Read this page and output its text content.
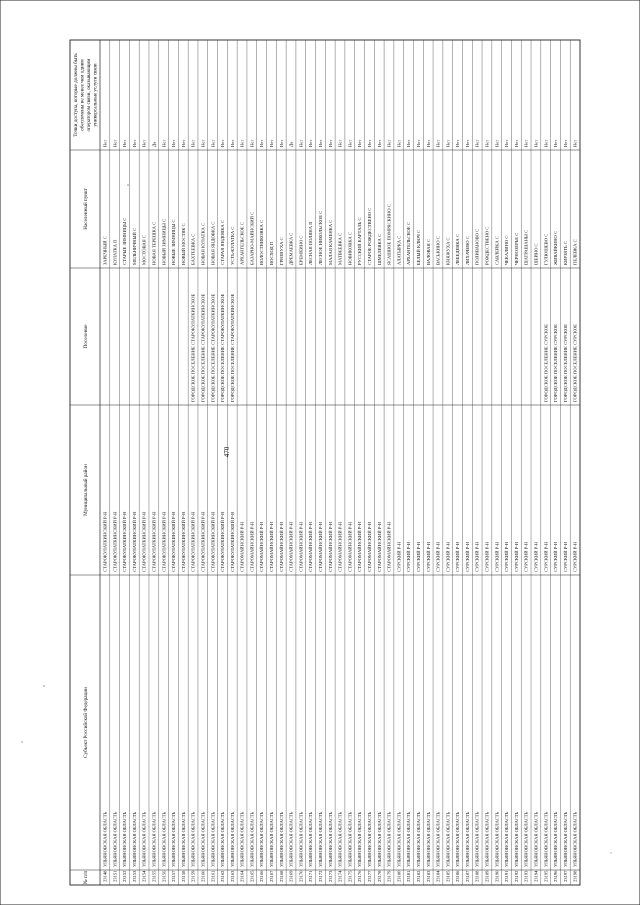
470
№ п/п
Субъект Российской Федерации
Муниципальный район
Поселение
Населенный пункт
Точки доступа, которые должны быть обеспечены не менее чем одним оператором связи, оказывающим универсальные услуги связи
23148
УЛЬЯНОВСКАЯ ОБЛАСТЬ
СТАРОКУЛАТКИНСКИЙ Р-Н
ЗАРЕЧНЫЙ С
Нет
23151
УЛЬЯНОВСКАЯ ОБЛАСТЬ
СТАРОКУЛАТКИНСКИЙ Р-Н
КУЛАТКА П
Нет
23152
УЛЬЯНОВСКАЯ ОБЛАСТЬ
СТАРОКУЛАТКИНСКИЙ Р-Н
СТАРЫЕ ЗИМНИЦЫ С
Нет
23153
УЛЬЯНОВСКАЯ ОБЛАСТЬ
СТАРОКУЛАТКИНСКИЙ Р-Н
МЕЛЬНИЧНЫЙ С
Нет
23154
УЛЬЯНОВСКАЯ ОБЛАСТЬ
СТАРОКУЛАТКИНСКИЙ Р-Н
МОСТОВАЯ С
Нет
23155
УЛЬЯНОВСКАЯ ОБЛАСТЬ
СТАРОКУЛАТКИНСКИЙ Р-Н
НОВАЯ ТЕРЕШКА С
Да
23156
УЛЬЯНОВСКАЯ ОБЛАСТЬ
СТАРОКУЛАТКИНСКИЙ Р-Н
НОВЫЙ ЗИМНИЦЫ С
Нет
23157
УЛЬЯНОВСКАЯ ОБЛАСТЬ
СТАРОКУЛАТКИНСКИЙ Р-Н
НОВЫЕ ЗИМНИЦЫ С
Нет
23158
УЛЬЯНОВСКАЯ ОБЛАСТЬ
СТАРОКУЛАТКИНСКИЙ Р-Н
НОВЫЙ МОСТЯК С
Нет
23159
УЛЬЯНОВСКАЯ ОБЛАСТЬ
СТАРОКУЛАТКИНСКИЙ Р-Н
ГОРОДСКОЕ ПОСЕЛЕНИЕ СТАРОКУЛАТКИНСКОЕ
БАХТЕЕВКА С
Нет
23160
УЛЬЯНОВСКАЯ ОБЛАСТЬ
СТАРОКУЛАТКИНСКИЙ Р-Н
ГОРОДСКОЕ ПОСЕЛЕНИЕ СТАРОКУЛАТКИНСКОЕ
НОВАЯ КУЛАТКА С
Нет
23161
УЛЬЯНОВСКАЯ ОБЛАСТЬ
СТАРОКУЛАТКИНСКИЙ Р-Н
ГОРОДСКОЕ ПОСЕЛЕНИЕ СТАРОКУЛАТКИНСКОЕ
НОВАЯ ЯНДОВКА С
Нет
23162
УЛЬЯНОВСКАЯ ОБЛАСТЬ
СТАРОКУЛАТКИНСКИЙ Р-Н
ГОРОДСКОЕ ПОСЕЛЕНИЕ СТАРОКУЛАТКИНСКОЕ
СТАРАЯ ЯНДОВКА С
Нет
23163
УЛЬЯНОВСКАЯ ОБЛАСТЬ
СТАРОКУЛАТКИНСКИЙ Р-Н
ГОРОДСКОЕ ПОСЕЛЕНИЕ СТАРОКУЛАТКИНСКОЕ
УСТЬ-КУЛАТКА С
Нет
23164
УЛЬЯНОВСКАЯ ОБЛАСТЬ
СТАРОМАЙНСКИЙ Р-Н
АРХАНГЕЛЬСКОЕ С
Нет
23165
УЛЬЯНОВСКАЯ ОБЛАСТЬ
СТАРОМАЙНСКИЙ Р-Н
БАЗАРНО-МАЙНСКИЙ С
Нет
23166
УЛЬЯНОВСКАЯ ОБЛАСТЬ
СТАРОМАЙНСКИЙ Р-Н
ВОЛОСТНИКОВКА С
Нет
23167
УЛЬЯНОВСКАЯ ОБЛАСТЬ
СТАРОМАЙНСКИЙ Р-Н
ВОСХОД П
Нет
23168
УЛЬЯНОВСКАЯ ОБЛАСТЬ
СТАРОМАЙНСКИЙ Р-Н
ГРЯЗНУХА С
Нет
23169
УЛЬЯНОВСКАЯ ОБЛАСТЬ
СТАРОМАЙНСКИЙ Р-Н
ДРЕМАЕВКА С
Да
23170
УЛЬЯНОВСКАЯ ОБЛАСТЬ
СТАРОМАЙНСКИЙ Р-Н
ЕРЕМКИНО С
Нет
23171
УЛЬЯНОВСКАЯ ОБЛАСТЬ
СТАРОМАЙНСКИЙ Р-Н
ЛЕСНАЯ ПОЛЯНА П
Нет
23172
УЛЬЯНОВСКАЯ ОБЛАСТЬ
СТАРОМАЙНСКИЙ Р-Н
ЛЕСНОЕ НИКОЛЬСКОЕ С
Нет
23173
УЛЬЯНОВСКАЯ ОБЛАСТЬ
СТАРОМАЙНСКИЙ Р-Н
МАЛАЯ КАМЕНКА С
Нет
23174
УЛЬЯНОВСКАЯ ОБЛАСТЬ
СТАРОМАЙНСКИЙ Р-Н
МАТВЕЕВКА С
Нет
23175
УЛЬЯНОВСКАЯ ОБЛАСТЬ
СТАРОМАЙНСКИЙ Р-Н
НОВИКОВКА С
Нет
23176
УЛЬЯНОВСКАЯ ОБЛАСТЬ
СТАРОМАЙНСКИЙ Р-Н
РУССКИЙ КАРТАЛЬ С
Нет
23177
УЛЬЯНОВСКАЯ ОБЛАСТЬ
СТАРОМАЙНСКИЙ Р-Н
СТАРОЕ РОЖДЕСТВЕНО С
Нет
23178
УЛЬЯНОВСКАЯ ОБЛАСТЬ
СТАРОМАЙНСКИЙ Р-Н
ШМЕЛЕВКА С
Нет
23179
УЛЬЯНОВСКАЯ ОБЛАСТЬ
СТАРОМАЙНСКИЙ Р-Н
ЯСАШНОЕ ПОМРЯСКИНО С
Нет
23180
УЛЬЯНОВСКАЯ ОБЛАСТЬ
СУРСКИЙ Р-Н
АЛАТЫРКА С
Нет
23181
УЛЬЯНОВСКАЯ ОБЛАСТЬ
СУРСКИЙ Р-Н
АРХАНГЕЛЬСКОЕ С
Нет
23182
УЛЬЯНОВСКАЯ ОБЛАСТЬ
СУРСКИЙ Р-Н
БЕЛЫЙ КЛЮЧ С
Нет
23183
УЛЬЯНОВСКАЯ ОБЛАСТЬ
СУРСКИЙ Р-Н
ВАЛОВАЯ С
Нет
23184
УЛЬЯНОВСКАЯ ОБЛАСТЬ
СУРСКИЙ Р-Н
ВАСЬКИНО С
Нет
23185
УЛЬЯНОВСКАЯ ОБЛАСТЬ
СУРСКИЙ Р-Н
КНЯЖУХА С
Нет
23186
УЛЬЯНОВСКАЯ ОБЛАСТЬ
СУРСКИЙ Р-Н
ЛЕБЕДЕВКА С
Нет
23187
УЛЬЯНОВСКАЯ ОБЛАСТЬ
СУРСКИЙ Р-Н
ЛИХАЧЕВО С
Нет
23188
УЛЬЯНОВСКАЯ ОБЛАСТЬ
СУРСКИЙ Р-Н
ПОЛИВАНОВО С
Нет
23189
УЛЬЯНОВСКАЯ ОБЛАСТЬ
СУРСКИЙ Р-Н
РОЖДЕСТВЕНО С
Нет
23190
УЛЬЯНОВСКАЯ ОБЛАСТЬ
СУРСКИЙ Р-Н
САВЛЕЙКА С
Нет
23191
УЛЬЯНОВСКАЯ ОБЛАСТЬ
СУРСКИЙ Р-Н
ЧЕКАЛИНО С
Нет
23192
УЛЬЯНОВСКАЯ ОБЛАСТЬ
СУРСКИЙ Р-Н
ЧЕРНОЗЕРЬЕ С
Нет
23193
УЛЬЯНОВСКАЯ ОБЛАСТЬ
СУРСКИЙ Р-Н
ШАТРАШАНЫ С
Нет
23194
УЛЬЯНОВСКАЯ ОБЛАСТЬ
СУРСКИЙ Р-Н
ШЕЙНО С
Нет
23195
УЛЬЯНОВСКАЯ ОБЛАСТЬ
СУРСКИЙ Р-Н
ГОРОДСКОЕ ПОСЕЛЕНИЕ СУРСКОЕ
ГУЛЮШЕВО С
Нет
23196
УЛЬЯНОВСКАЯ ОБЛАСТЬ
СУРСКИЙ Р-Н
ГОРОДСКОЕ ПОСЕЛЕНИЕ СУРСКОЕ
ЖИВАЙКИНО С
Нет
23197
УЛЬЯНОВСКАЯ ОБЛАСТЬ
СУРСКИЙ Р-Н
ГОРОДСКОЕ ПОСЕЛЕНИЕ СУРСКОЕ
КИРЗЯТЬ С
Нет
23198
УЛЬЯНОВСКАЯ ОБЛАСТЬ
СУРСКИЙ Р-Н
ГОРОДСКОЕ ПОСЕЛЕНИЕ СУРСКОЕ
ПЕЛЕВКА С
Нет
